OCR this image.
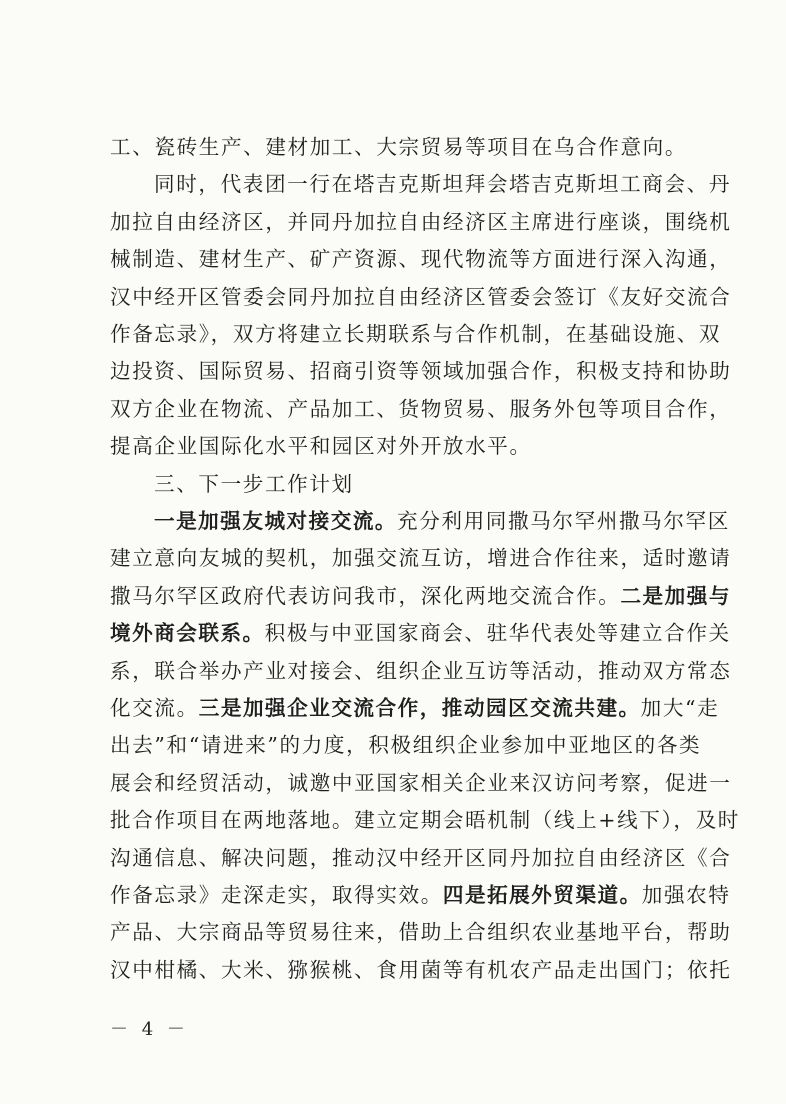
工、瓷砖生产、建材加工、大宗贸易等项目在乌合作意向。
同时，代表团一行在塔吉克斯坦拜会塔吉克斯坦工商会、丹
加拉自由经济区，并同丹加拉自由经济区主席进行座谈，围绕机
械制造、建材生产、矿产资源、现代物流等方面进行深入沟通，
汉中经开区管委会同丹加拉自由经济区管委会签订《友好交流合
作备忘录》，双方将建立长期联系与合作机制，在基础设施、双
边投资、国际贸易、招商引资等领域加强合作，积极支持和协助
双方企业在物流、产品加工、货物贸易、服务外包等项目合作，
提高企业国际化水平和园区对外开放水平。
三、下一步工作计划
一是加强友城对接交流。充分利用同撒马尔罕州撒马尔罕区
建立意向友城的契机，加强交流互访，增进合作往来，适时邀请
撒马尔罕区政府代表访问我市，深化两地交流合作。二是加强与
境外商会联系。积极与中亚国家商会、驻华代表处等建立合作关
系，联合举办产业对接会、组织企业互访等活动，推动双方常态
化交流。三是加强企业交流合作，推动园区交流共建。加大“走
出去”和“请进来”的力度，积极组织企业参加中亚地区的各类
展会和经贸活动，诚邀中亚国家相关企业来汉访问考察，促进一
批合作项目在两地落地。建立定期会晤机制（线上+线下），及时
沟通信息、解决问题，推动汉中经开区同丹加拉自由经济区《合
作备忘录》走深走实，取得实效。四是拓展外贸渠道。加强农特
产品、大宗商品等贸易往来，借助上合组织农业基地平台，帮助
汉中柑橘、大米、猕猴桃、食用菌等有机农产品走出国门；依托
－ 4 －
